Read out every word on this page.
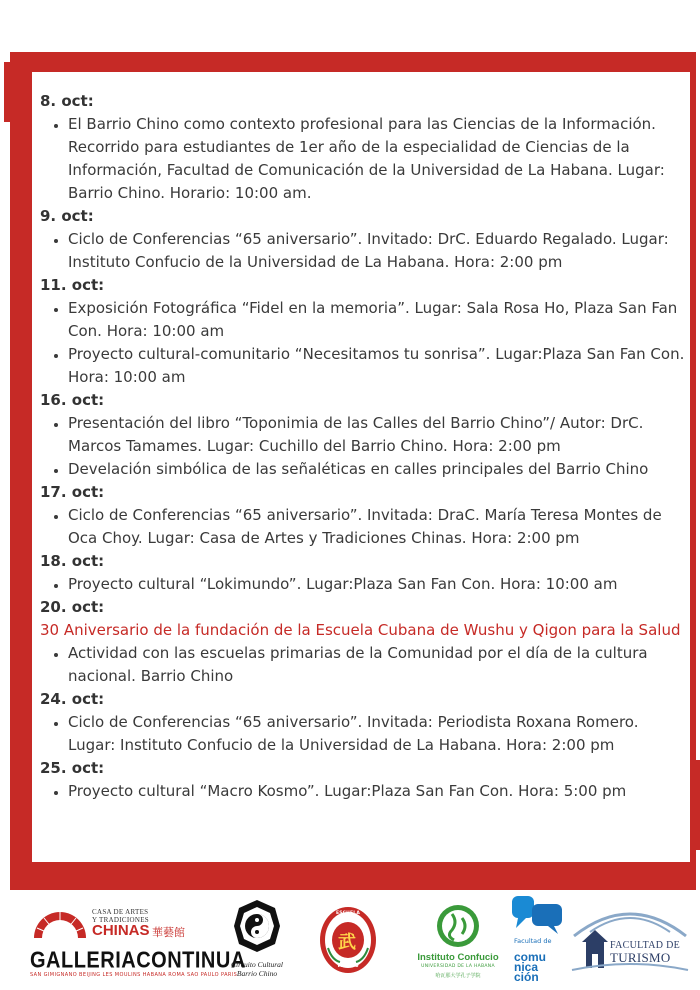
8. oct:
• El Barrio Chino como contexto profesional para las Ciencias de la Información. Recorrido para estudiantes de 1er año de la especialidad de Ciencias de la Información, Facultad de Comunicación de la Universidad de La Habana. Lugar: Barrio Chino. Horario: 10:00 am.
9. oct:
• Ciclo de Conferencias “65 aniversario”. Invitado: DrC. Eduardo Regalado. Lugar: Instituto Confucio de la Universidad de La Habana. Hora: 2:00 pm
11. oct:
• Exposición Fotográfica “Fidel en la memoria”. Lugar: Sala Rosa Ho, Plaza San Fan Con. Hora: 10:00 am
• Proyecto cultural-comunitario “Necesitamos tu sonrisa”. Lugar:Plaza San Fan Con. Hora: 10:00 am
16. oct:
• Presentación del libro “Toponimia de las Calles del Barrio Chino”/ Autor: DrC. Marcos Tamames. Lugar: Cuchillo del Barrio Chino. Hora: 2:00 pm
• Develación simbólica de las señaléticas en calles principales del Barrio Chino
17. oct:
• Ciclo de Conferencias “65 aniversario”. Invitada: DraC. María Teresa Montes de Oca Choy. Lugar: Casa de Artes y Tradiciones Chinas. Hora: 2:00 pm
18. oct:
• Proyecto cultural “Lokimundo”. Lugar:Plaza San Fan Con. Hora: 10:00 am
20. oct:
30 Aniversario de la fundación de la Escuela Cubana de Wushu y Qigon para la Salud
• Actividad con las escuelas primarias de la Comunidad por el día de la cultura nacional. Barrio Chino
24. oct:
• Ciclo de Conferencias “65 aniversario”. Invitada: Periodista Roxana Romero. Lugar: Instituto Confucio de la Universidad de La Habana. Hora: 2:00 pm
25. oct:
• Proyecto cultural “Macro Kosmo”. Lugar:Plaza San Fan Con. Hora: 5:00 pm
CASA DE ARTES
Y TRADICIONES
CHINAS 華藝館
GALLERIACONTINUA
SAN GIMIGNANO BEIJING LES MOULINS HABANA ROMA SAO PAULO PARIS
Circuito Cultural
Barrio Chino
武
ESCUELA CUBANA
WUSHU
Instituto Confucio
UNIVERSIDAD DE LA HABANA
哈瓦那大学孔子学院
Facultad de
comu
nica
ción
FACULTAD DE
TURISMO
